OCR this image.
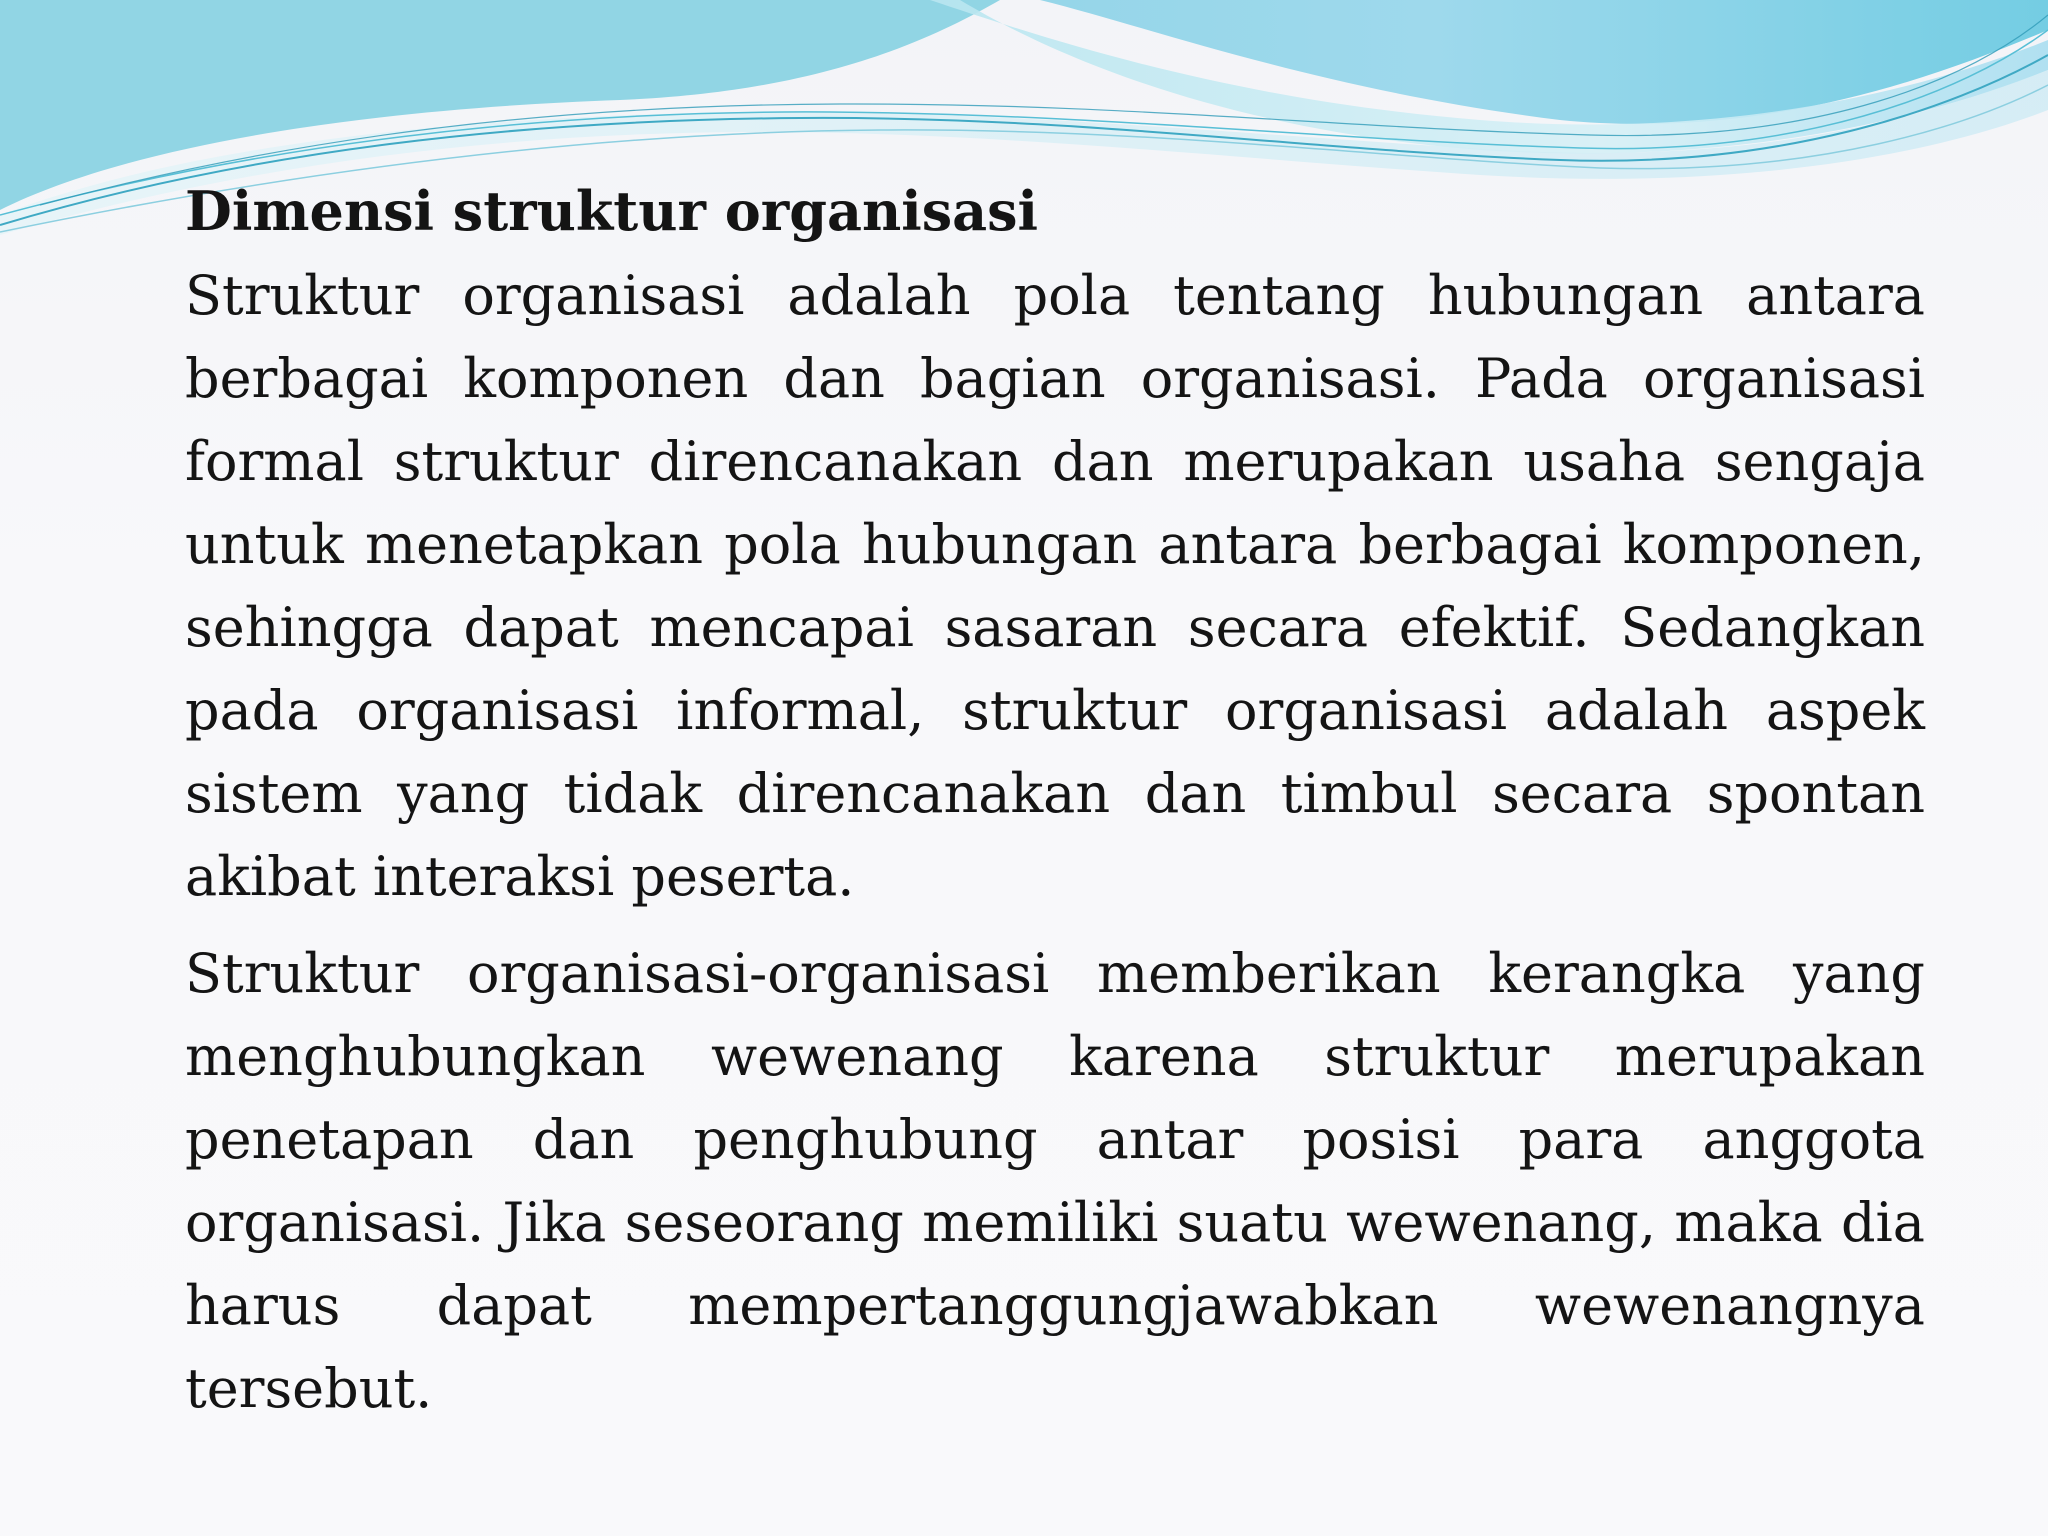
Dimensi struktur organisasi

Struktur organisasi adalah pola tentang hubungan antara berbagai komponen dan bagian organisasi. Pada organisasi formal struktur direncanakan dan merupakan usaha sengaja untuk menetapkan pola hubungan antara berbagai komponen, sehingga dapat mencapai sasaran secara efektif. Sedangkan pada organisasi informal, struktur organisasi adalah aspek sistem yang tidak direncanakan dan timbul secara spontan akibat interaksi peserta.

Struktur organisasi-organisasi memberikan kerangka yang menghubungkan wewenang karena struktur merupakan penetapan dan penghubung antar posisi para anggota organisasi. Jika seseorang memiliki suatu wewenang, maka dia harus dapat mempertanggungjawabkan wewenangnya tersebut.
